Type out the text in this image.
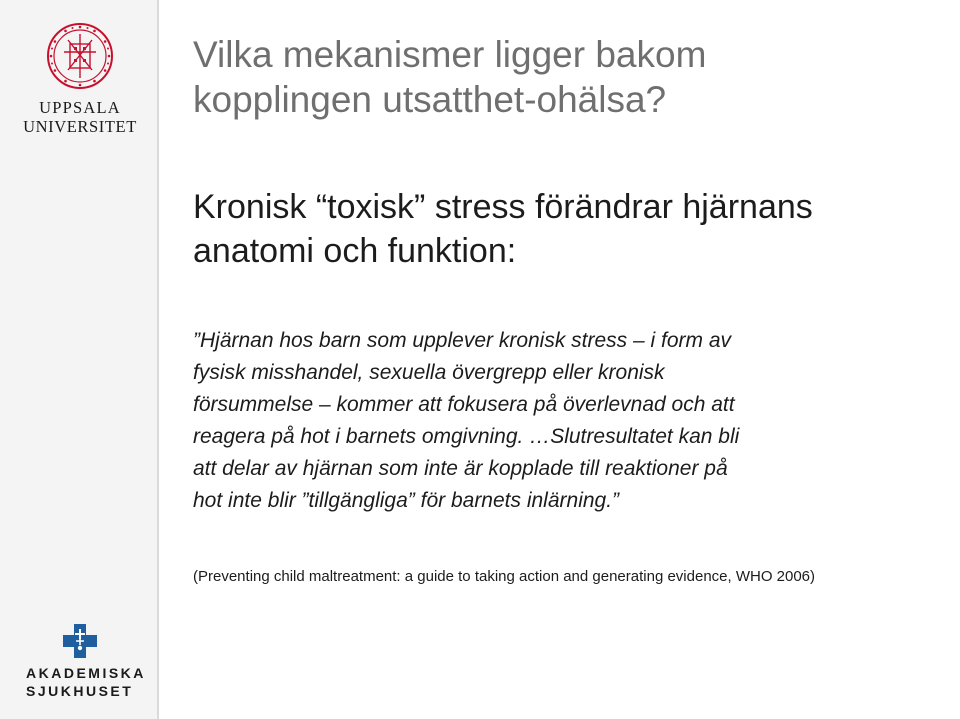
UPPSALA
UNIVERSITET
AKADEMISKA
SJUKHUSET
Vilka mekanismer ligger bakom
kopplingen utsatthet-ohälsa?
Kronisk “toxisk” stress förändrar hjärnans
anatomi och funktion:
”Hjärnan hos barn som upplever kronisk stress – i form av
fysisk misshandel, sexuella övergrepp eller kronisk
försummelse – kommer att fokusera på överlevnad och att
reagera på hot i barnets omgivning. …Slutresultatet kan bli
att delar av hjärnan som inte är kopplade till reaktioner på
hot inte blir ”tillgängliga” för barnets inlärning.”

(Preventing child maltreatment: a guide to taking action and generating evidence, WHO 2006)
